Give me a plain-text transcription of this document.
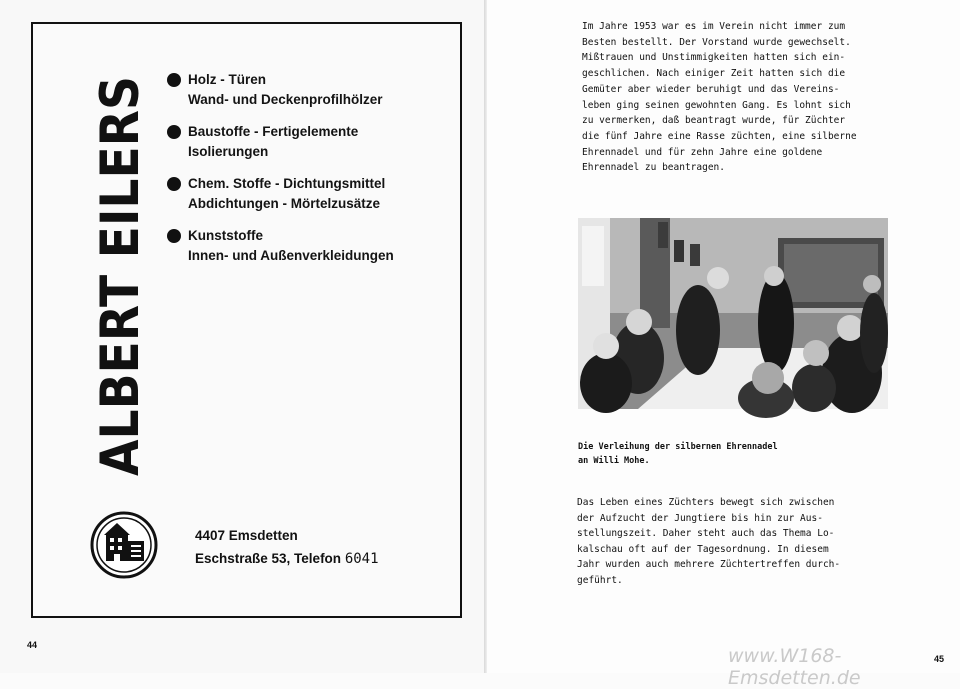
ALBERT EILERS	Holz - Türen
Wand- und Deckenprofilhölzer
Baustoffe - Fertigelemente
Isolierungen
Chem. Stoffe - Dichtungsmittel
Abdichtungen - Mörtelzusätze
Kunststoffe
Innen- und Außenverkleidungen
4407 Emsdetten
Eschstraße 53, Telefon 6041
44
Im Jahre 1953 war es im Verein nicht immer zum
Besten bestellt. Der Vorstand wurde gewechselt.
Mißtrauen und Unstimmigkeiten hatten sich ein-
geschlichen. Nach einiger Zeit hatten sich die
Gemüter aber wieder beruhigt und das Vereins-
leben ging seinen gewohnten Gang. Es lohnt sich
zu vermerken, daß beantragt wurde, für Züchter
die fünf Jahre eine Rasse züchten, eine silberne
Ehrennadel und für zehn Jahre eine goldene
Ehrennadel zu beantragen.
Die Verleihung der silbernen Ehrennadel
an Willi Mohe.
Das Leben eines Züchters bewegt sich zwischen
der Aufzucht der Jungtiere bis hin zur Aus-
stellungszeit. Daher steht auch das Thema Lo-
kalschau oft auf der Tagesordnung. In diesem
Jahr wurden auch mehrere Züchtertreffen durch-
geführt.
www.W168-Emsdetten.de
45
